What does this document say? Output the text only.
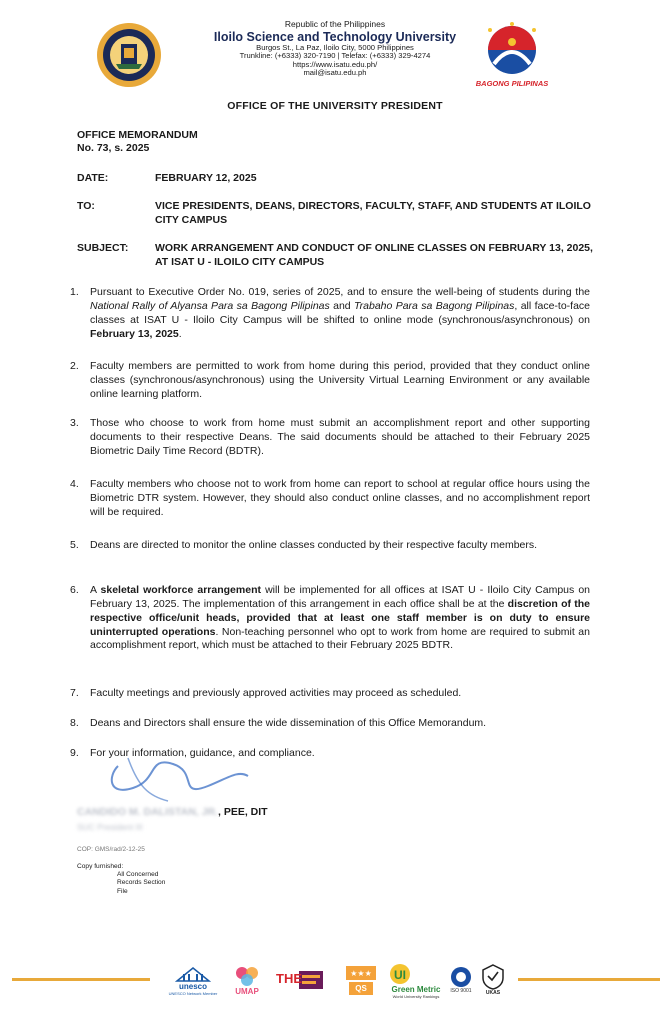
Republic of the Philippines
Iloilo Science and Technology University
Burgos St., La Paz, Iloilo City, 5000 Philippines
Trunkline: (+6333) 320-7190 | Telefax: (+6333) 329-4274
https://www.isatu.edu.ph/
mail@isatu.edu.ph
BAGONG PILIPINAS
OFFICE OF THE UNIVERSITY PRESIDENT
OFFICE MEMORANDUM
No. 73, s. 2025
DATE:	FEBRUARY 12, 2025
TO:	VICE PRESIDENTS, DEANS, DIRECTORS, FACULTY, STAFF, AND STUDENTS AT ILOILO CITY CAMPUS
SUBJECT:	WORK ARRANGEMENT AND CONDUCT OF ONLINE CLASSES ON FEBRUARY 13, 2025, AT ISAT U - ILOILO CITY CAMPUS
1.	Pursuant to Executive Order No. 019, series of 2025, and to ensure the well-being of students during the National Rally of Alyansa Para sa Bagong Pilipinas and Trabaho Para sa Bagong Pilipinas, all face-to-face classes at ISAT U - Iloilo City Campus will be shifted to online mode (synchronous/asynchronous) on February 13, 2025.
2.	Faculty members are permitted to work from home during this period, provided that they conduct online classes (synchronous/asynchronous) using the University Virtual Learning Environment or any available online learning platform.
3.	Those who choose to work from home must submit an accomplishment report and other supporting documents to their respective Deans. The said documents should be attached to their February 2025 Biometric Daily Time Record (BDTR).
4.	Faculty members who choose not to work from home can report to school at regular office hours using the Biometric DTR system. However, they should also conduct online classes, and no accomplishment report will be required.
5.	Deans are directed to monitor the online classes conducted by their respective faculty members.
6.	A skeletal workforce arrangement will be implemented for all offices at ISAT U - Iloilo City Campus on February 13, 2025. The implementation of this arrangement in each office shall be at the discretion of the respective office/unit heads, provided that at least one staff member is on duty to ensure uninterrupted operations. Non-teaching personnel who opt to work from home are required to submit an accomplishment report, which must be attached to their February 2025 BDTR.
7.	Faculty meetings and previously approved activities may proceed as scheduled.
8.	Deans and Directors shall ensure the wide dissemination of this Office Memorandum.
9.	For your information, guidance, and compliance.
CANDIDO M. DALISTAN, JR., PEE, DIT
SUC President III
COP: GMS/rad/2-12-25
Copy furnished:
All Concerned
Records Section
File
unesco
UNESCO Network Member UMAP
THE	★★★
QS
UI
Green Metric
World University Rankings
ISO 9001	UKAS
